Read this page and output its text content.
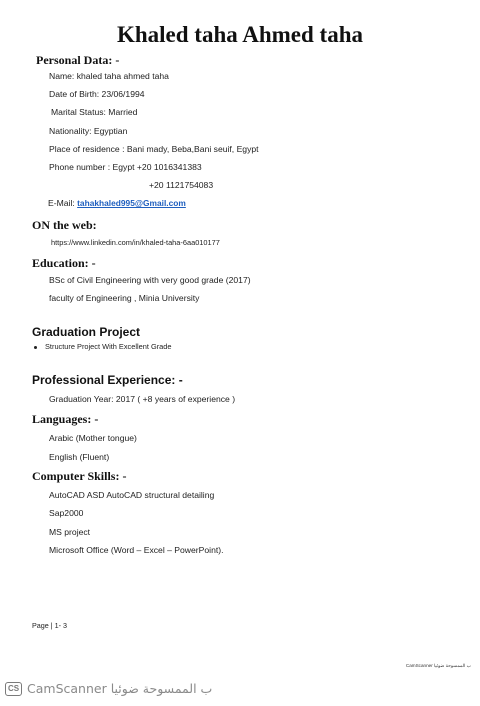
Khaled taha Ahmed taha
Personal Data: -
Name: khaled taha ahmed taha
Date of Birth: 23/06/1994
Marital Status: Married
Nationality: Egyptian
Place of residence : Bani mady, Beba,Bani seuif, Egypt
Phone number : Egypt +20 1016341383
+20 1121754083
E-Mail: tahakhaled995@Gmail.com
ON the web:
https://www.linkedin.com/in/khaled-taha-6aa010177
Education: -
BSc of Civil Engineering with very good grade (2017)
faculty of Engineering , Minia University
Graduation Project
Structure Project With Excellent Grade
Professional Experience: -
Graduation Year: 2017 ( +8 years of experience )
Languages: -
Arabic (Mother tongue)
English (Fluent)
Computer Skills: -
AutoCAD ASD AutoCAD structural detailing
Sap2000
MS project
Microsoft Office (Word – Excel – PowerPoint).
Page | 1- 3
CamScanner ب الممسوحة ضوئيا
CS CamScanner ب الممسوحة ضوئيا
